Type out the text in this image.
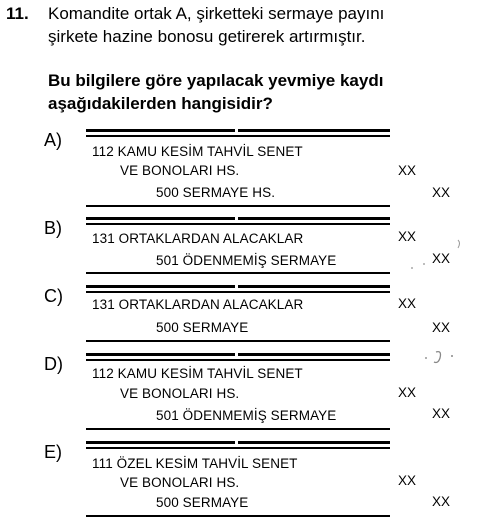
11. Komandite ortak A, şirketteki sermaye payını
şirkete hazine bonosu getirerek artırmıştır.
Bu bilgilere göre yapılacak yevmiye kaydı
aşağıdakilerden hangisidir?
A)
112 KAMU KESİM TAHVİL SENET
VE BONOLARI HS.	XX
500 SERMAYE HS.	XX
B)
131 ORTAKLARDAN ALACAKLAR	XX
501 ÖDENMEMİŞ SERMAYE	XX
C) 131 ORTAKLARDAN ALACAKLAR	XX
500 SERMAYE	XX
D) 112 KAMU KESİM TAHVİL SENET
VE BONOLARI HS.	XX
501 ÖDENMEMİŞ SERMAYE	XX
E)
111 ÖZEL KESİM TAHVİL SENET
VE BONOLARI HS.	XX
500 SERMAYE	XX
